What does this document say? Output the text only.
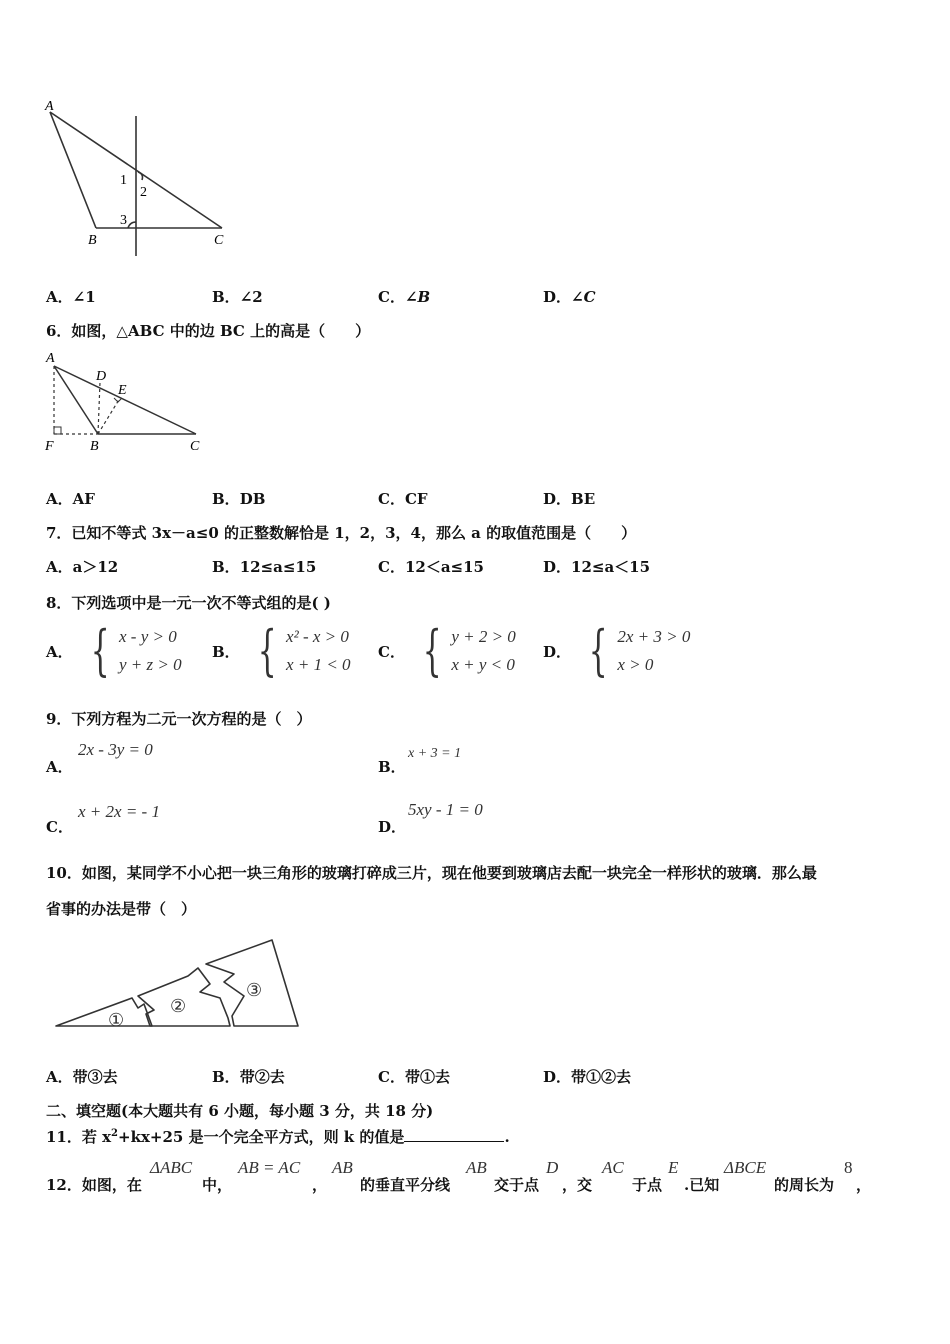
A
B	C
1
2
3
A．∠1	B．∠2	C．∠B	D．∠C
6．如图，△ABC 中的边 BC 上的高是（　　）
A
B	C
D
E
F
A．AF	B．DB	C．CF	D．BE
7．已知不等式 3x－a≤0 的正整数解恰是 1，2，3，4，那么 a 的取值范围是（　　）
A．a＞12	B．12≤a≤15	C．12＜a≤15	D．12≤a＜15
8．下列选项中是一元一次不等式组的是( )
A． { x - y > 0
y + z > 0
B． { x² - x > 0
x + 1 < 0
C． { y + 2 > 0
x + y < 0
D． { 2x + 3 > 0
x > 0
9．下列方程为二元一次方程的是（　）
A．
2x - 3y = 0
B．
x + 3 = 1
C．
x + 2x = - 1
D．
5xy - 1 = 0
10．如图，某同学不小心把一块三角形的玻璃打碎成三片，现在他要到玻璃店去配一块完全一样形状的玻璃．那么最
省事的办法是带（　）
①
②
③
A．带③去	B．带②去	C．带①去	D．带①②去
二、填空题(本大题共有 6 小题，每小题 3 分，共 18 分)
11．若 $x^2+kx+25$ 是一个完全平方式，则 k 的值是	.
12．如图，在
ΔABC
中，
AB = AC
，
AB
的垂直平分线
AB
交于点
D
，交
AC
于点
E
.已知
ΔBCE
的周长为
8
，
